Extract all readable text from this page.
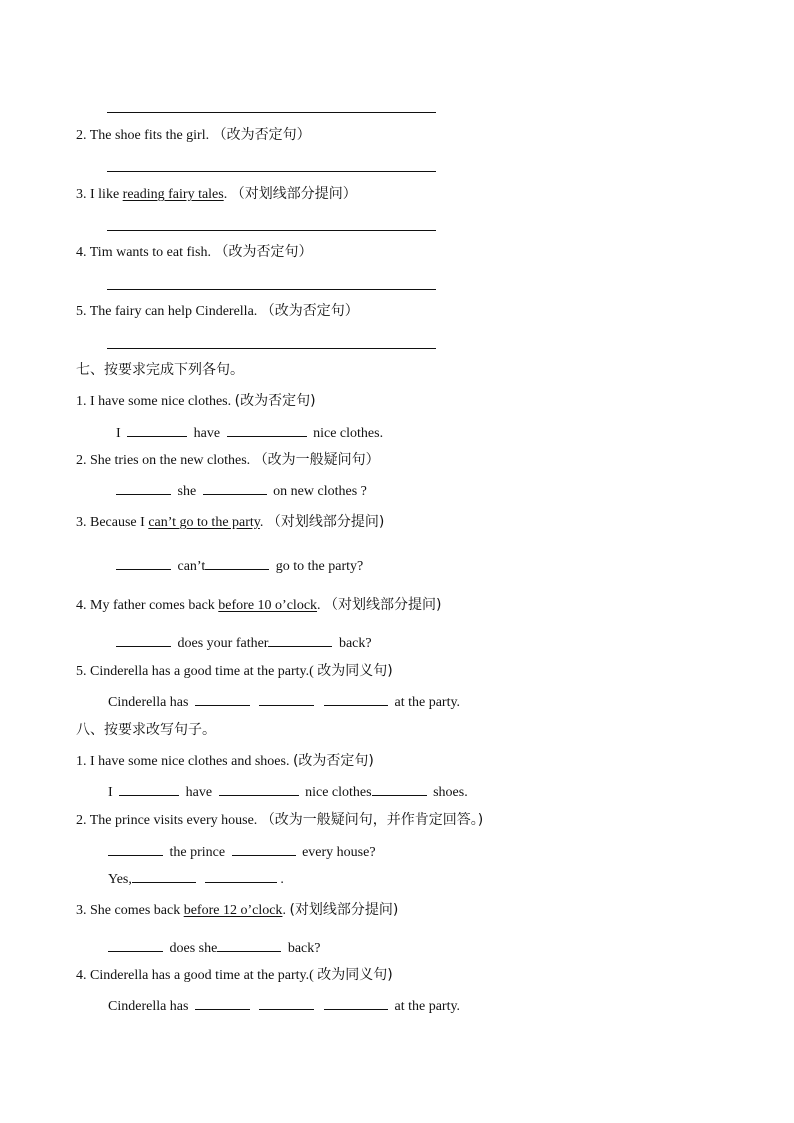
2. The shoe fits the girl. （改为否定句）
3. I like reading fairy tales. （对划线部分提问）
4. Tim wants to eat fish. （改为否定句）
5. The fairy can help Cinderella. （改为否定句）
七、按要求完成下列各句。
1. I have some nice clothes. (改为否定句)
I	have	nice clothes.
2. She tries on the new clothes. （改为一般疑问句）
she	on new clothes ?
3. Because I can’t go to the party. （对划线部分提问)
can’t	go to the party?
4. My father comes back before 10 o’clock. （对划线部分提问)
does your father	back?
5. Cinderella has a good time at the party.( 改为同义句)
Cinderella has	at the party.
八、按要求改写句子。
1. I have some nice clothes and shoes. (改为否定句)
I	have	nice clothes	shoes.
2. The prince visits every house. （改为一般疑问句，并作肯定回答。)
the prince	every house?
Yes,	.
3. She comes back before 12 o’clock. (对划线部分提问)
does she	back?
4. Cinderella has a good time at the party.( 改为同义句)
Cinderella has	at the party.
